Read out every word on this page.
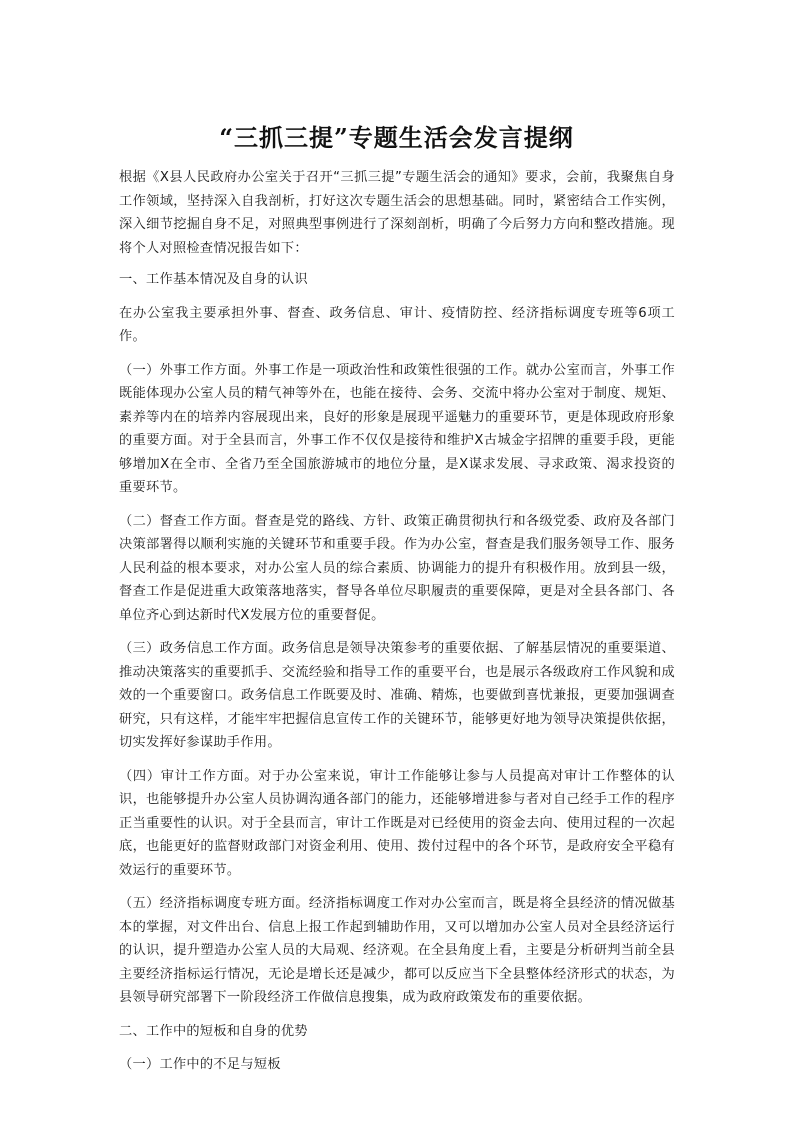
“三抓三提”专题生活会发言提纲

根据《X县人民政府办公室关于召开“三抓三提”专题生活会的通知》要求，会前，我聚焦自身工作领域，坚持深入自我剖析，打好这次专题生活会的思想基础。同时，紧密结合工作实例，深入细节挖掘自身不足，对照典型事例进行了深刻剖析，明确了今后努力方向和整改措施。现将个人对照检查情况报告如下：

一、工作基本情况及自身的认识

在办公室我主要承担外事、督查、政务信息、审计、疫情防控、经济指标调度专班等6项工作。

（一）外事工作方面。外事工作是一项政治性和政策性很强的工作。就办公室而言，外事工作既能体现办公室人员的精气神等外在，也能在接待、会务、交流中将办公室对于制度、规矩、素养等内在的培养内容展现出来，良好的形象是展现平遥魅力的重要环节，更是体现政府形象的重要方面。对于全县而言，外事工作不仅仅是接待和维护X古城金字招牌的重要手段，更能够增加X在全市、全省乃至全国旅游城市的地位分量，是X谋求发展、寻求政策、渴求投资的重要环节。

（二）督查工作方面。督查是党的路线、方针、政策正确贯彻执行和各级党委、政府及各部门决策部署得以顺利实施的关键环节和重要手段。作为办公室，督查是我们服务领导工作、服务人民利益的根本要求，对办公室人员的综合素质、协调能力的提升有积极作用。放到县一级，督查工作是促进重大政策落地落实，督导各单位尽职履责的重要保障，更是对全县各部门、各单位齐心到达新时代X发展方位的重要督促。

（三）政务信息工作方面。政务信息是领导决策参考的重要依据、了解基层情况的重要渠道、推动决策落实的重要抓手、交流经验和指导工作的重要平台，也是展示各级政府工作风貌和成效的一个重要窗口。政务信息工作既要及时、准确、精炼，也要做到喜忧兼报，更要加强调查研究，只有这样，才能牢牢把握信息宣传工作的关键环节，能够更好地为领导决策提供依据，切实发挥好参谋助手作用。

（四）审计工作方面。对于办公室来说，审计工作能够让参与人员提高对审计工作整体的认识，也能够提升办公室人员协调沟通各部门的能力，还能够增进参与者对自己经手工作的程序正当重要性的认识。对于全县而言，审计工作既是对已经使用的资金去向、使用过程的一次起底，也能更好的监督财政部门对资金利用、使用、拨付过程中的各个环节，是政府安全平稳有效运行的重要环节。

（五）经济指标调度专班方面。经济指标调度工作对办公室而言，既是将全县经济的情况做基本的掌握，对文件出台、信息上报工作起到辅助作用，又可以增加办公室人员对全县经济运行的认识，提升塑造办公室人员的大局观、经济观。在全县角度上看，主要是分析研判当前全县主要经济指标运行情况，无论是增长还是减少，都可以反应当下全县整体经济形式的状态，为县领导研究部署下一阶段经济工作做信息搜集，成为政府政策发布的重要依据。

二、工作中的短板和自身的优势

（一）工作中的不足与短板
